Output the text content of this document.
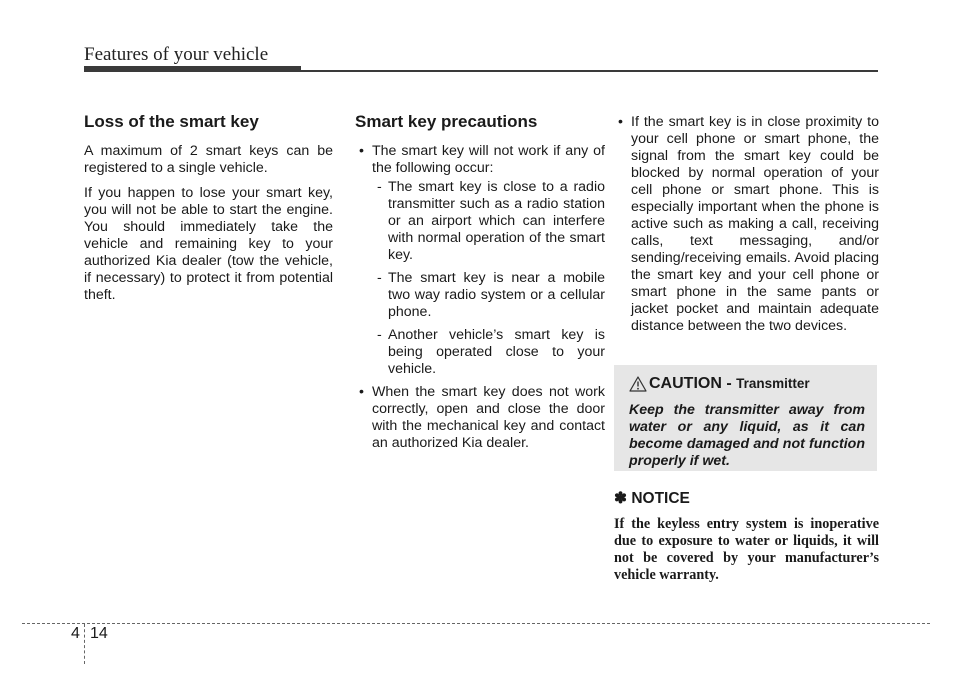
Features of your vehicle
Loss of the smart key

A maximum of 2 smart keys can be registered to a single vehicle.

If you happen to lose your smart key, you will not be able to start the engine. You should immediately take the vehicle and remaining key to your authorized Kia dealer (tow the vehicle, if necessary) to protect it from potential theft.

Smart key precautions
• The smart key will not work if any of the following occur:
- The smart key is close to a radio transmitter such as a radio station or an airport which can interfere with normal operation of the smart key.
- The smart key is near a mobile two way radio system or a cellular phone.
- Another vehicle’s smart key is being operated close to your vehicle.
• When the smart key does not work correctly, open and close the door with the mechanical key and contact an authorized Kia dealer.
• If the smart key is in close proximity to your cell phone or smart phone, the signal from the smart key could be blocked by normal operation of your cell phone or smart phone. This is especially important when the phone is active such as making a call, receiving calls, text messaging, and/or sending/receiving emails. Avoid placing the smart key and your cell phone or smart phone in the same pants or jacket pocket and maintain adequate distance between the two devices.
CAUTION - Transmitter
Keep the transmitter away from water or any liquid, as it can become damaged and not function properly if wet.
✽ NOTICE
If the keyless entry system is inoperative due to exposure to water or liquids, it will not be covered by your manufacturer’s vehicle warranty.
4 14
